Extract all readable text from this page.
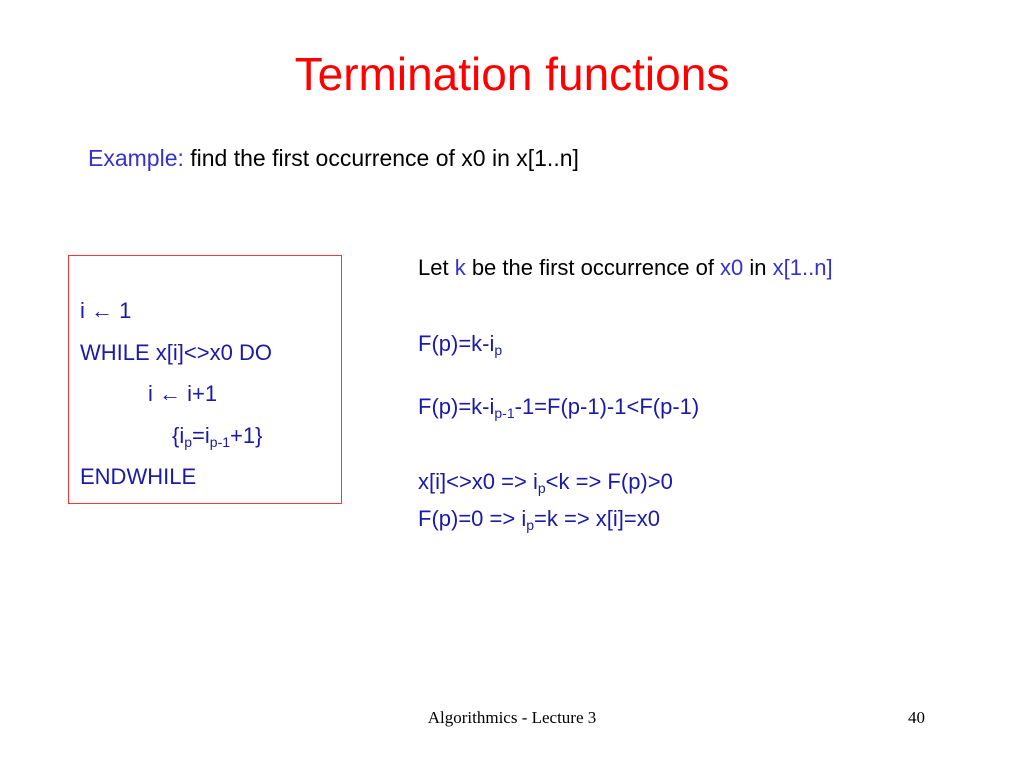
Termination functions
Example: find the first occurrence of x0 in x[1..n]
i ← 1
WHILE x[i]<>x0 DO
i ← i+1
$\{i_p=i_{p-1}+1\}$
ENDWHILE
Let k be the first occurrence of x0 in x[1..n]
$F(p)=k-i_p$
$F(p)=k-i_{p-1}-1=F(p-1)-1<F(p-1)$
$x[i]<>x0 => i_p<k => F(p)>0$
$F(p)=0 => i_p=k => x[i]=x0$
Algorithmics - Lecture 3	40
